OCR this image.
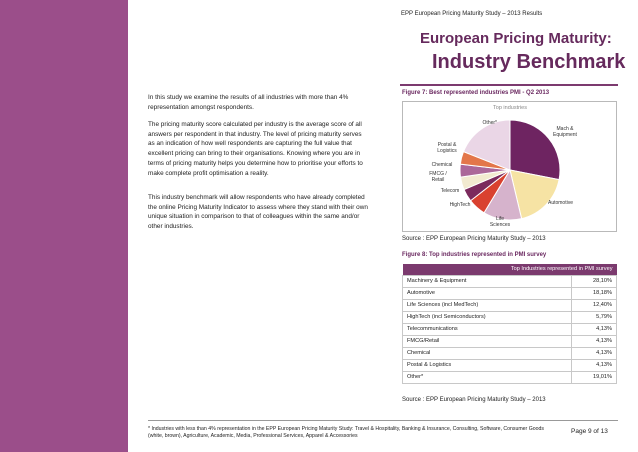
EPP European Pricing Maturity Study – 2013 Results
European Pricing Maturity:
Industry Benchmark
In this study we examine the results of all industries with more than 4% representation amongst respondents.
The pricing maturity score calculated per industry is the average score of all answers per respondent in that industry. The level of pricing maturity serves as an indication of how well respondents are capturing the full value that excellent pricing can bring to their organisations. Knowing where you are in terms of pricing maturity helps you determine how to prioritise your efforts to make complete profit optimisation a reality.
This industry benchmark will allow respondents who have already completed the online Pricing Maturity Indicator to assess where they stand with their own unique situation in comparison to that of colleagues within the same and/or other industries.
Figure 7: Best represented industries PMI - Q2 2013
Top industries
Mach & Equipment
Automotive
Life Sciences
HighTech
Telecom
FMCG / Retail
Chemical
Postal & Logistics
Other*
Source : EPP European Pricing Maturity Study – 2013
Figure 8: Top industries represented in PMI survey
Top Industries represented in PMI survey	
Machinery & Equipment	28,10%
Automotive	18,18%
Life Sciences (incl MedTech)	12,40%
HighTech (incl Semiconductors)	5,79%
Telecommunications	4,13%
FMCG/Retail	4,13%
Chemical	4,13%
Postal & Logistics	4,13%
Other*	19,01%
Source : EPP European Pricing Maturity Study – 2013
* Industries with less than 4% representation in the EPP European Pricing Maturity Study: Travel & Hospitality, Banking & Insurance, Consulting, Software, Consumer Goods (white, brown), Agriculture, Academic, Media, Professional Services, Apparel & Accessories
Page 9 of 13
